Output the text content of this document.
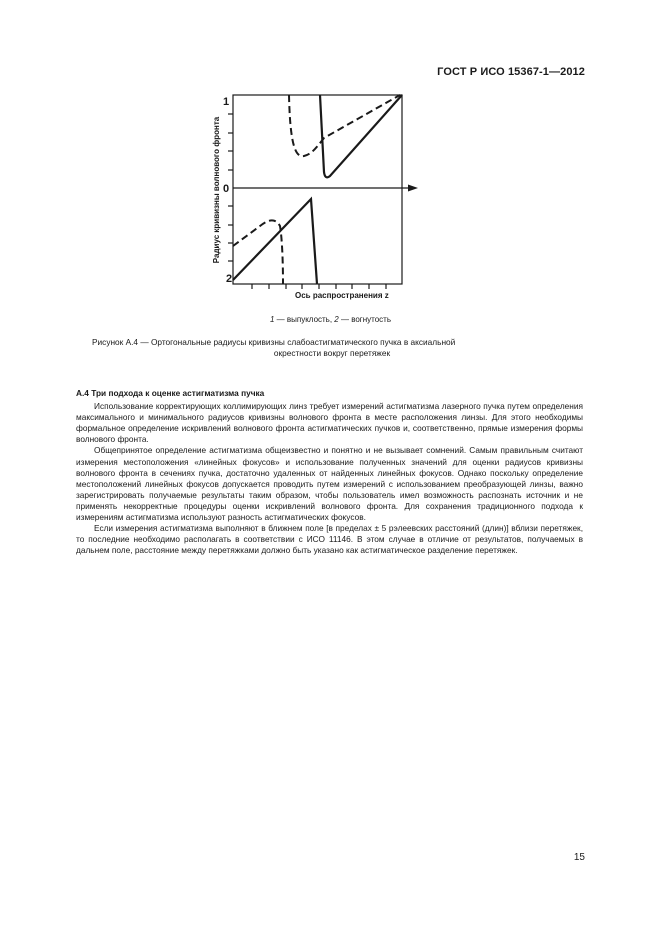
ГОСТ Р ИСО 15367-1—2012
1
0
2
Радиус кривизны волнового фронта
Ось распространения z
1 — выпуклость, 2 — вогнутость
Рисунок А.4 — Ортогональные радиусы кривизны слабоастигматического пучка в аксиальной
окрестности вокруг перетяжек
А.4 Три подхода к оценке астигматизма пучка

Использование корректирующих коллимирующих линз требует измерений астигматизма лазерного пучка путем определения максимального и минимального радиусов кривизны волнового фронта в месте расположения линзы. Для этого необходимы формальное определение искривлений волнового фронта астигматических пучков и, соответственно, прямые измерения формы волнового фронта.

Общепринятое определение астигматизма общеизвестно и понятно и не вызывает сомнений. Самым правильным считают измерения местоположения «линейных фокусов» и использование полученных значений для оценки радиусов кривизны волнового фронта в сечениях пучка, достаточно удаленных от найденных линейных фокусов. Однако поскольку определение местоположений линейных фокусов допускается проводить путем измерений с использованием преобразующей линзы, важно зарегистрировать получаемые результаты таким образом, чтобы пользователь имел возможность распознать источник и не применять некорректные процедуры оценки искривлений волнового фронта. Для сохранения традиционного подхода к измерениям астигматизма используют разность астигматических фокусов.

Если измерения астигматизма выполняют в ближнем поле [в пределах ± 5 рэлеевских расстояний (длин)] вблизи перетяжек, то последние необходимо располагать в соответствии с ИСО 11146. В этом случае в отличие от результатов, получаемых в дальнем поле, расстояние между перетяжками должно быть указано как астигматическое разделение перетяжек.

15
